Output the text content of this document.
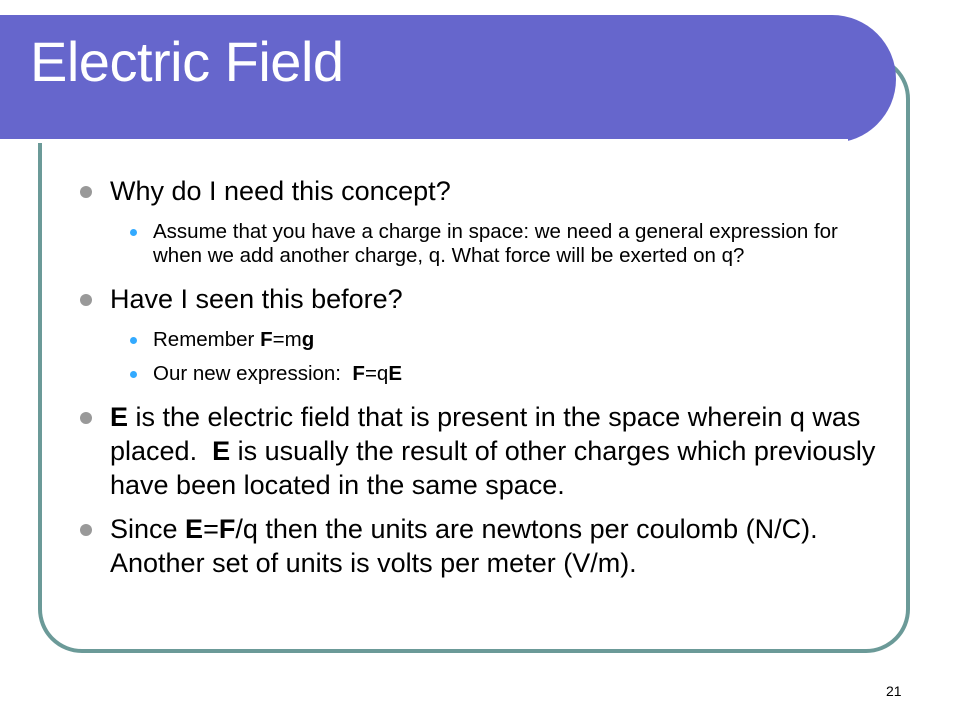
Electric Field
Why do I need this concept?
Assume that you have a charge in space: we need a general expression for when we add another charge, q. What force will be exerted on q?
Have I seen this before?
Remember F=mg
Our new expression:  F=qE
E is the electric field that is present in the space wherein q was placed.  E is usually the result of other charges which previously have been located in the same space.
Since E=F/q then the units are newtons per coulomb (N/C).  Another set of units is volts per meter (V/m).
21
